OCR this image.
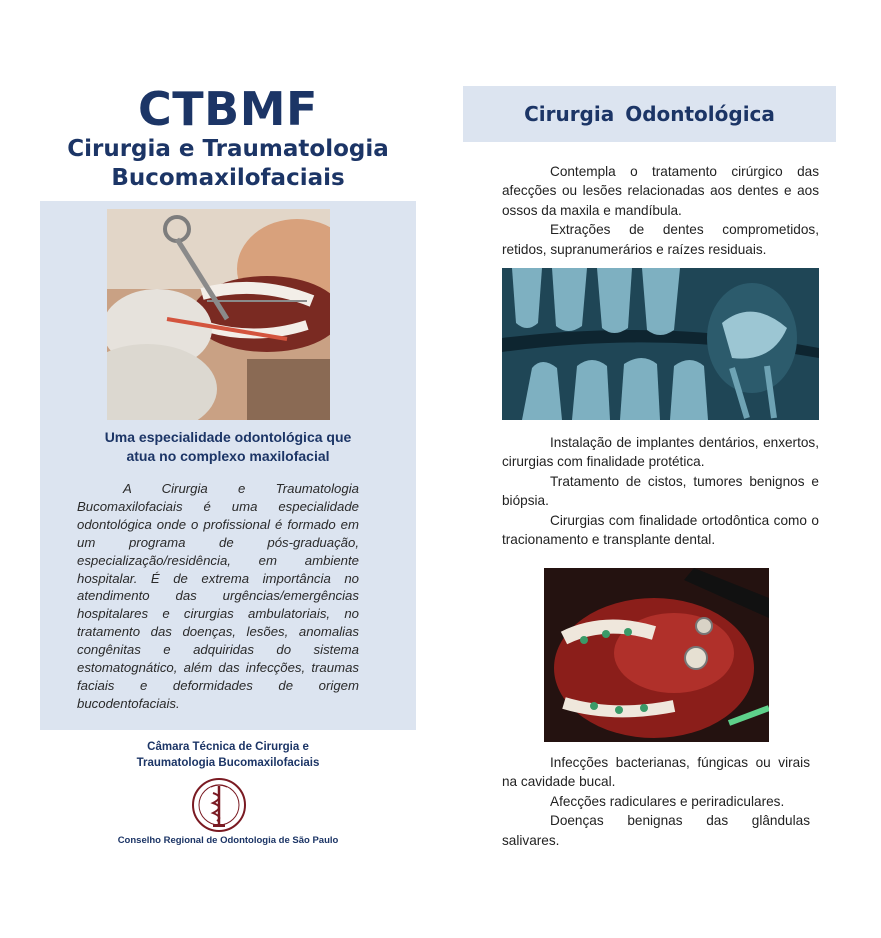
CTBMF
Cirurgia e Traumatologia
Bucomaxilofaciais
Uma especialidade odontológica que
atua no complexo maxilofacial
A Cirurgia e Traumatologia Bucomaxilofaciais é uma especialidade odontológica onde o profissional é formado em um programa de pós-graduação, especialização/residência, em ambiente hospitalar. É de extrema importância no atendimento das urgências/emergências hospitalares e cirurgias ambulatoriais, no tratamento das doenças, lesões, anomalias congênitas e adquiridas do sistema estomatognático, além das infecções, traumas faciais e deformidades de origem bucodentofaciais.
Câmara Técnica de Cirurgia e
Traumatologia Bucomaxilofaciais
Conselho Regional de Odontologia de São Paulo
Cirurgia Odontológica

Contempla o tratamento cirúrgico das afecções ou lesões relacionadas aos dentes e aos ossos da maxila e mandíbula.

Extrações de dentes comprometidos, retidos, supranumerários e raízes residuais.

Instalação de implantes dentários, enxertos, cirurgias com finalidade protética.

Tratamento de cistos, tumores benignos e biópsia.

Cirurgias com finalidade ortodôntica como o tracionamento e transplante dental.

Infecções bacterianas, fúngicas ou virais na cavidade bucal.

Afecções radiculares e periradiculares.

Doenças benignas das glândulas salivares.
